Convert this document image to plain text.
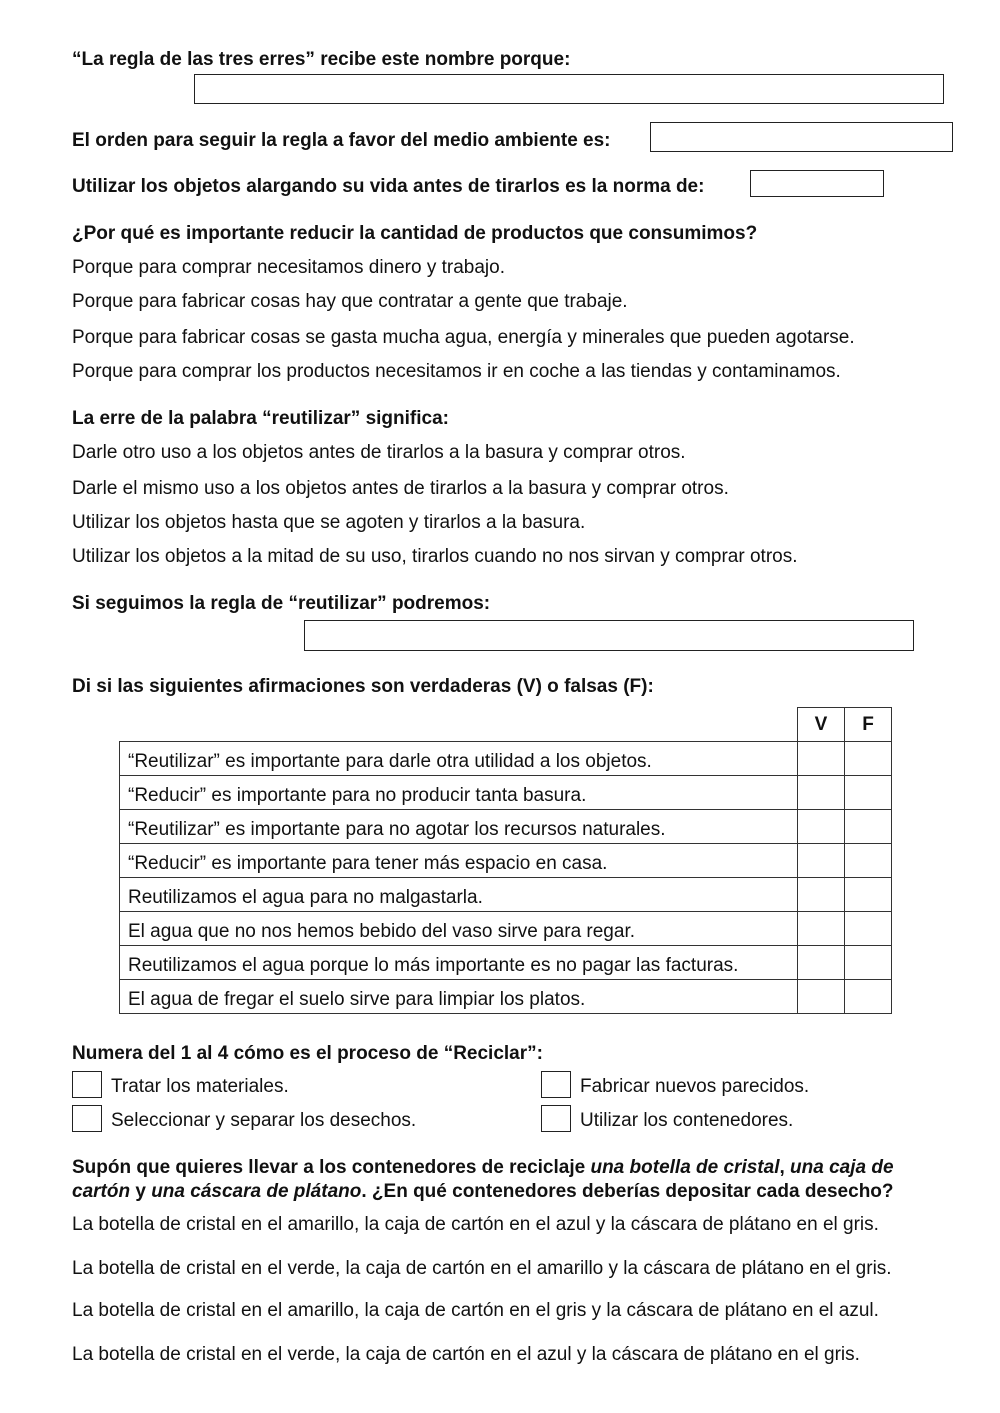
“La regla de las tres erres” recibe este nombre porque:
El orden para seguir la regla a favor del medio ambiente es:
Utilizar los objetos alargando su vida antes de tirarlos es la norma de:
¿Por qué es importante reducir la cantidad de productos que consumimos?
Porque para comprar necesitamos dinero y trabajo.
Porque para fabricar cosas hay que contratar a gente que trabaje.
Porque para fabricar cosas se gasta mucha agua, energía y minerales que pueden agotarse.
Porque para comprar los productos necesitamos ir en coche a las tiendas y contaminamos.
La erre de la palabra “reutilizar” significa:
Darle otro uso a los objetos antes de tirarlos a la basura y comprar otros.
Darle el mismo uso a los objetos antes de tirarlos a la basura y comprar otros.
Utilizar los objetos hasta que se agoten y tirarlos a la basura.
Utilizar los objetos a la mitad de su uso, tirarlos cuando no nos sirvan y comprar otros.
Si seguimos la regla de “reutilizar” podremos:
Di si las siguientes afirmaciones son verdaderas (V) o falsas (F):
	V	F
“Reutilizar” es importante para darle otra utilidad a los objetos.		
“Reducir” es importante para no producir tanta basura.		
“Reutilizar” es importante para no agotar los recursos naturales.		
“Reducir” es importante para tener más espacio en casa.		
Reutilizamos el agua para no malgastarla.		
El agua que no nos hemos bebido del vaso sirve para regar.		
Reutilizamos el agua porque lo más importante es no pagar las facturas.		
El agua de fregar el suelo sirve para limpiar los platos.		
Numera del 1 al 4 cómo es el proceso de “Reciclar”:
Tratar los materiales.	Fabricar nuevos parecidos.
Seleccionar y separar los desechos.	Utilizar los contenedores.
Supón que quieres llevar a los contenedores de reciclaje una botella de cristal, una caja de cartón y una cáscara de plátano. ¿En qué contenedores deberías depositar cada desecho?
La botella de cristal en el amarillo, la caja de cartón en el azul y la cáscara de plátano en el gris.
La botella de cristal en el verde, la caja de cartón en el amarillo y la cáscara de plátano en el gris.
La botella de cristal en el amarillo, la caja de cartón en el gris y la cáscara de plátano en el azul.
La botella de cristal en el verde, la caja de cartón en el azul y la cáscara de plátano en el gris.
